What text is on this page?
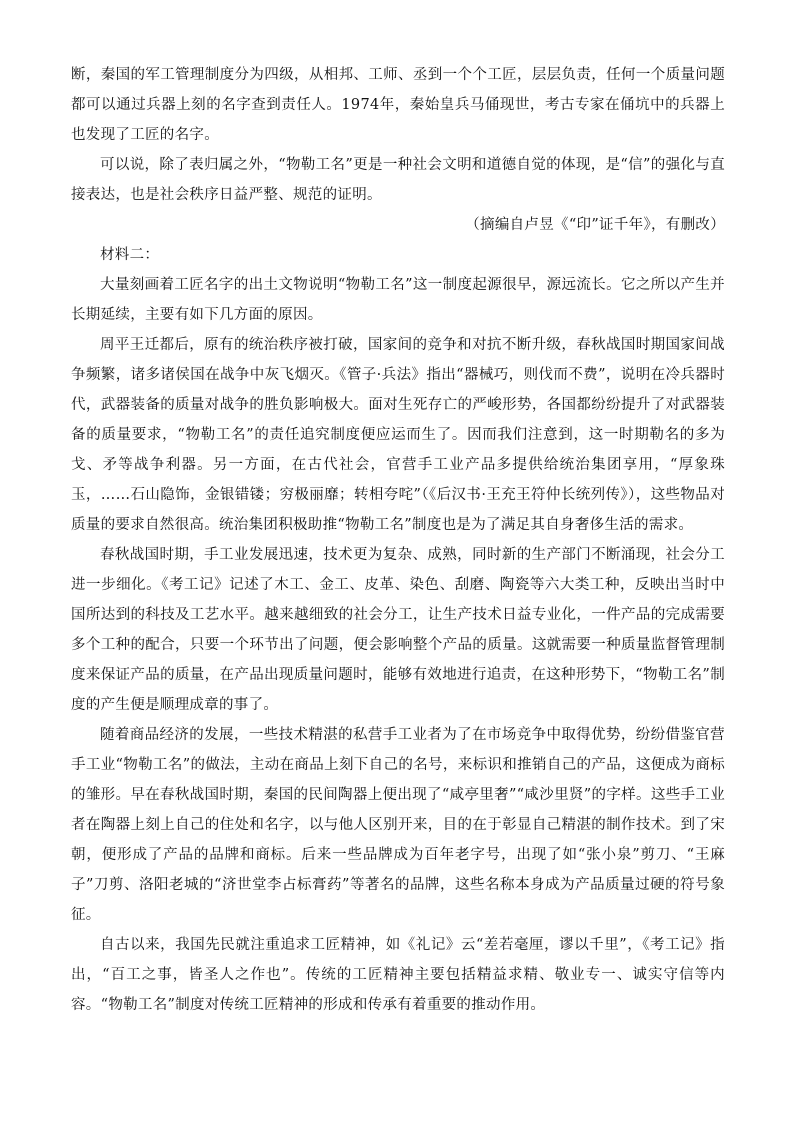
断，秦国的军工管理制度分为四级，从相邦、工师、丞到一个个工匠，层层负责，任何一个质量问题都可以通过兵器上刻的名字查到责任人。1974年，秦始皇兵马俑现世，考古专家在俑坑中的兵器上也发现了工匠的名字。

可以说，除了表归属之外，“物勒工名”更是一种社会文明和道德自觉的体现，是“信”的强化与直接表达，也是社会秩序日益严整、规范的证明。

（摘编自卢昱《“印”证千年》，有删改）

材料二：

大量刻画着工匠名字的出土文物说明“物勒工名”这一制度起源很早，源远流长。它之所以产生并长期延续，主要有如下几方面的原因。

周平王迁都后，原有的统治秩序被打破，国家间的竞争和对抗不断升级，春秋战国时期国家间战争频繁，诸多诸侯国在战争中灰飞烟灭。《管子·兵法》指出“器械巧，则伐而不费”，说明在冷兵器时代，武器装备的质量对战争的胜负影响极大。面对生死存亡的严峻形势，各国都纷纷提升了对武器装备的质量要求，“物勒工名”的责任追究制度便应运而生了。因而我们注意到，这一时期勒名的多为戈、矛等战争利器。另一方面，在古代社会，官营手工业产品多提供给统治集团享用，“厚象珠玉，……石山隐饰，金银错镂；穷极丽靡；转相夸咤”（《后汉书·王充王符仲长统列传》），这些物品对质量的要求自然很高。统治集团积极助推“物勒工名”制度也是为了满足其自身奢侈生活的需求。

春秋战国时期，手工业发展迅速，技术更为复杂、成熟，同时新的生产部门不断涌现，社会分工进一步细化。《考工记》记述了木工、金工、皮革、染色、刮磨、陶瓷等六大类工种，反映出当时中国所达到的科技及工艺水平。越来越细致的社会分工，让生产技术日益专业化，一件产品的完成需要多个工种的配合，只要一个环节出了问题，便会影响整个产品的质量。这就需要一种质量监督管理制度来保证产品的质量，在产品出现质量问题时，能够有效地进行追责，在这种形势下，“物勒工名”制度的产生便是顺理成章的事了。

随着商品经济的发展，一些技术精湛的私营手工业者为了在市场竞争中取得优势，纷纷借鉴官营手工业“物勒工名”的做法，主动在商品上刻下自己的名号，来标识和推销自己的产品，这便成为商标的雏形。早在春秋战国时期，秦国的民间陶器上便出现了“咸亭里奢”“咸沙里贤”的字样。这些手工业者在陶器上刻上自己的住处和名字，以与他人区别开来，目的在于彰显自己精湛的制作技术。到了宋朝，便形成了产品的品牌和商标。后来一些品牌成为百年老字号，出现了如“张小泉”剪刀、“王麻子”刀剪、洛阳老城的“济世堂李占标膏药”等著名的品牌，这些名称本身成为产品质量过硬的符号象征。

自古以来，我国先民就注重追求工匠精神，如《礼记》云“差若毫厘，谬以千里”，《考工记》指出，“百工之事，皆圣人之作也”。传统的工匠精神主要包括精益求精、敬业专一、诚实守信等内容。“物勒工名”制度对传统工匠精神的形成和传承有着重要的推动作用。
